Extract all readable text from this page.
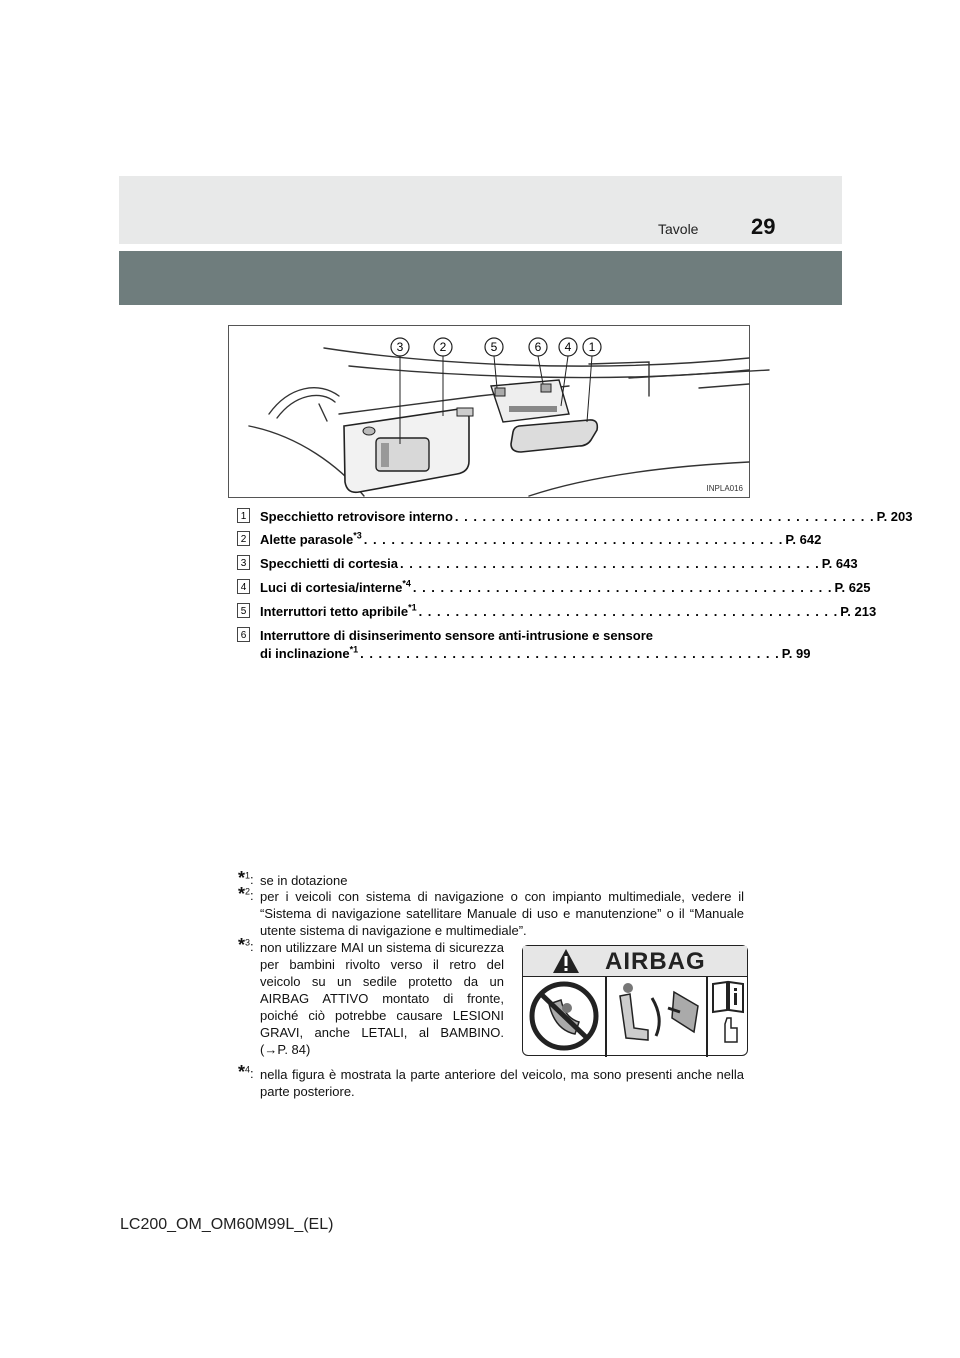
Tavole 29
3	2	5	6 4 1
INPLA016
1 Specchietto retrovisore interno . . . . . . . . . . . . . . . . . . . . . . . . . . . . . . . . . . . . . . . . . . . . . . P. 203
2 Alette parasole$^{*3}$ . . . . . . . . . . . . . . . . . . . . . . . . . . . . . . . . . . . . . . . . . . . . . . P. 642
3 Specchietti di cortesia . . . . . . . . . . . . . . . . . . . . . . . . . . . . . . . . . . . . . . . . . . . . . . P. 643
4 Luci di cortesia/interne$^{*4}$ . . . . . . . . . . . . . . . . . . . . . . . . . . . . . . . . . . . . . . . . . . . . . . P. 625
5 Interruttori tetto apribile$^{*1}$ . . . . . . . . . . . . . . . . . . . . . . . . . . . . . . . . . . . . . . . . . . . . . . P. 213
6 Interruttore di disinserimento sensore anti-intrusione e sensore
di inclinazione$^{*1}$ . . . . . . . . . . . . . . . . . . . . . . . . . . . . . . . . . . . . . . . . . . . . . . P. 99
*$^1$: se in dotazione
*$^2$: per i veicoli con sistema di navigazione o con impianto multimediale, vedere il “Sistema di navigazione satellitare Manuale di uso e manutenzione” o il “Manuale utente sistema di navigazione e multimediale”.
*$^3$: non utilizzare MAI un sistema di sicurezza per bambini rivolto verso il retro del veicolo su un sedile protetto da un AIRBAG ATTIVO montato di fronte, poiché ciò potrebbe causare LESIONI GRAVI, anche LETALI, al BAMBINO. (→P. 84)
AIRBAG
*$^4$: nella figura è mostrata la parte anteriore del veicolo, ma sono presenti anche nella parte posteriore.
LC200_OM_OM60M99L_(EL)
